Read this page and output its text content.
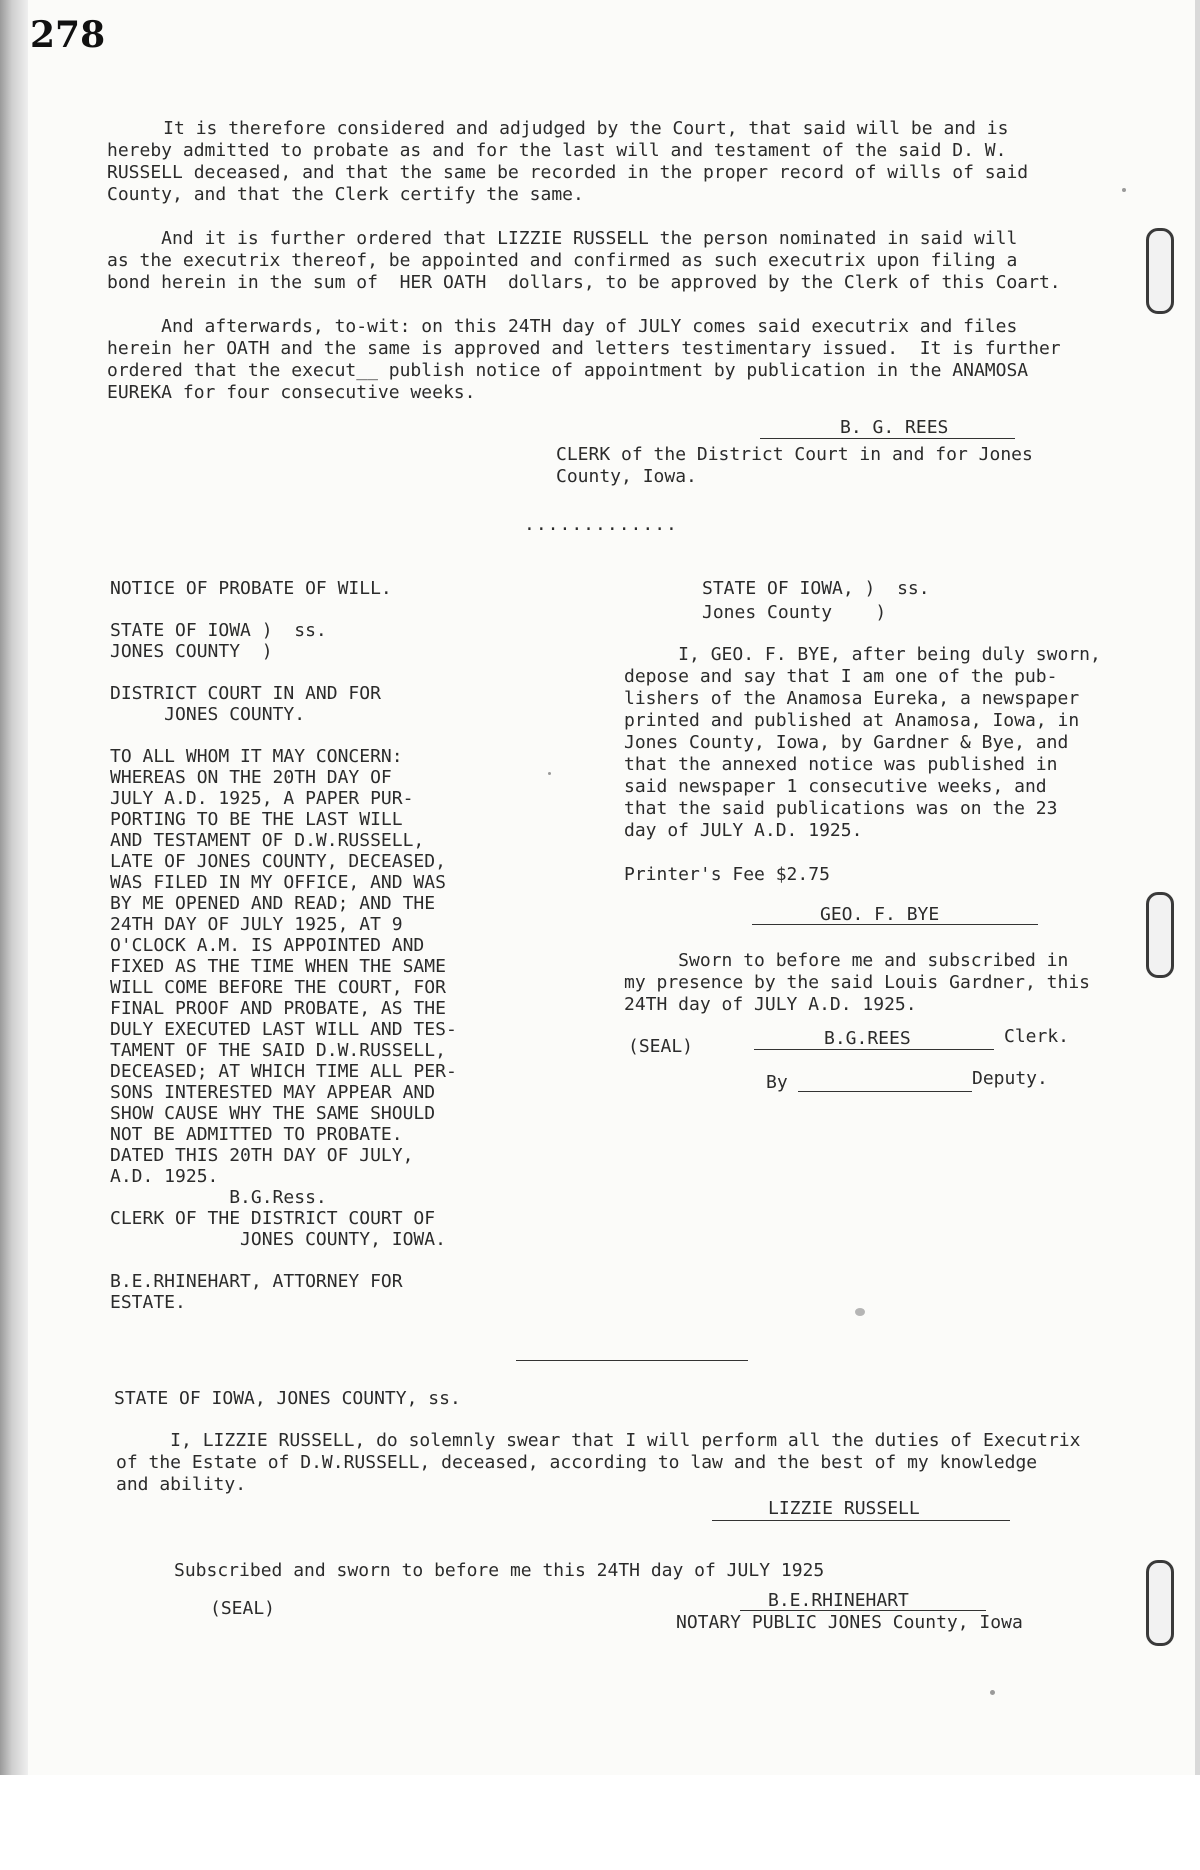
278
It is therefore considered and adjudged by the Court, that said will be and is
hereby admitted to probate as and for the last will and testament of the said D. W.
RUSSELL deceased, and that the same be recorded in the proper record of wills of said
County, and that the Clerk certify the same.
And it is further ordered that LIZZIE RUSSELL the person nominated in said will
as the executrix thereof, be appointed and confirmed as such executrix upon filing a
bond herein in the sum of  HER OATH  dollars, to be approved by the Clerk of this Coart.
And afterwards, to-wit: on this 24TH day of JULY comes said executrix and files
herein her OATH and the same is approved and letters testimentary issued.  It is further
ordered that the execut__ publish notice of appointment by publication in the ANAMOSA
EUREKA for four consecutive weeks.
B. G. REES
CLERK of the District Court in and for Jones
County, Iowa.
.............
NOTICE OF PROBATE OF WILL.

STATE OF IOWA )  ss.
JONES COUNTY  )

DISTRICT COURT IN AND FOR
JONES COUNTY.

TO ALL WHOM IT MAY CONCERN:
WHEREAS ON THE 20TH DAY OF
JULY A.D. 1925, A PAPER PUR-
PORTING TO BE THE LAST WILL
AND TESTAMENT OF D.W.RUSSELL,
LATE OF JONES COUNTY, DECEASED,
WAS FILED IN MY OFFICE, AND WAS
BY ME OPENED AND READ; AND THE
24TH DAY OF JULY 1925, AT 9
O'CLOCK A.M. IS APPOINTED AND
FIXED AS THE TIME WHEN THE SAME
WILL COME BEFORE THE COURT, FOR
FINAL PROOF AND PROBATE, AS THE
DULY EXECUTED LAST WILL AND TES-
TAMENT OF THE SAID D.W.RUSSELL,
DECEASED; AT WHICH TIME ALL PER-
SONS INTERESTED MAY APPEAR AND
SHOW CAUSE WHY THE SAME SHOULD
NOT BE ADMITTED TO PROBATE.
DATED THIS 20TH DAY OF JULY,
A.D. 1925.
B.G.Ress.
CLERK OF THE DISTRICT COURT OF
JONES COUNTY, IOWA.

B.E.RHINEHART, ATTORNEY FOR
ESTATE.
STATE OF IOWA, )  ss.
Jones County    )
I, GEO. F. BYE, after being duly sworn,
depose and say that I am one of the pub-
lishers of the Anamosa Eureka, a newspaper
printed and published at Anamosa, Iowa, in
Jones County, Iowa, by Gardner & Bye, and
that the annexed notice was published in
said newspaper 1 consecutive weeks, and
that the said publications was on the 23
day of JULY A.D. 1925.
Printer's Fee $2.75
GEO. F. BYE
Sworn to before me and subscribed in
my presence by the said Louis Gardner, this
24TH day of JULY A.D. 1925.
(SEAL)	B.G.REES	Clerk.
By	Deputy.
STATE OF IOWA, JONES COUNTY, ss.
I, LIZZIE RUSSELL, do solemnly swear that I will perform all the duties of Executrix
of the Estate of D.W.RUSSELL, deceased, according to law and the best of my knowledge
and ability.
LIZZIE RUSSELL
Subscribed and sworn to before me this 24TH day of JULY 1925
(SEAL)	B.E.RHINEHART
NOTARY PUBLIC JONES County, Iowa
